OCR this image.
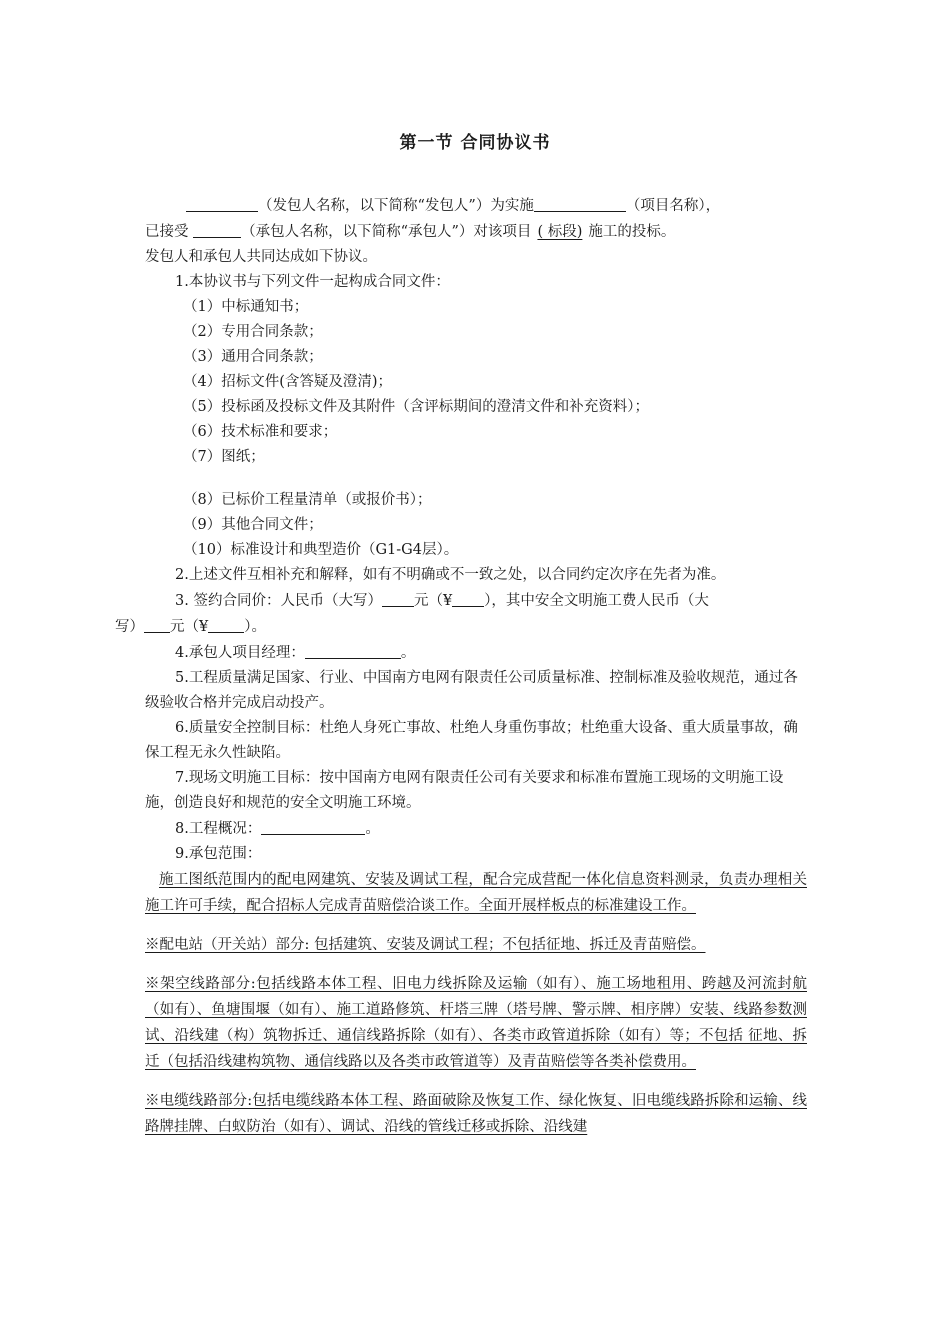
第一节 合同协议书

（发包人名称，以下简称“发包人”）为实施	（项目名称），

已接受	（承包人名称，以下简称“承包人”）对该项目 ( 标段) 施工的投标。

发包人和承包人共同达成如下协议。

1.本协议书与下列文件一起构成合同文件：

（1）中标通知书；

（2）专用合同条款；

（3）通用合同条款；

（4）招标文件(含答疑及澄清)；

（5）投标函及投标文件及其附件（含评标期间的澄清文件和补充资料）；

（6）技术标准和要求；

（7）图纸；

（8）已标价工程量清单（或报价书）；

（9）其他合同文件；

（10）标准设计和典型造价（G1-G4层）。

2.上述文件互相补充和解释，如有不明确或不一致之处，以合同约定次序在先者为准。

3. 签约合同价：人民币（大写） 元（¥ ），其中安全文明施工费人民币（大
写） 元（¥ ）。

4.承包人项目经理：	。

5.工程质量满足国家、行业、中国南方电网有限责任公司质量标准、控制标准及验收规范，通过各级验收合格并完成启动投产。

6.质量安全控制目标：杜绝人身死亡事故、杜绝人身重伤事故；杜绝重大设备、重大质量事故，确保工程无永久性缺陷。

7.现场文明施工目标：按中国南方电网有限责任公司有关要求和标准布置施工现场的文明施工设施，创造良好和规范的安全文明施工环境。

8.工程概况：	。

9.承包范围：

施工图纸范围内的配电网建筑、安装及调试工程，配合完成营配一体化信息资料测录，负责办理相关施工许可手续，配合招标人完成青苗赔偿洽谈工作。全面开展样板点的标准建设工作。

※配电站（开关站）部分: 包括建筑、安装及调试工程；不包括征地、拆迁及青苗赔偿。

※架空线路部分:包括线路本体工程、旧电力线拆除及运输（如有）、施工场地租用、跨越及河流封航（如有）、鱼塘围堰（如有）、施工道路修筑、杆塔三牌（塔号牌、警示牌、相序牌）安装、线路参数测试、沿线建（构）筑物拆迁、通信线路拆除（如有）、各类市政管道拆除（如有）等；不包括 征地、拆迁（包括沿线建构筑物、通信线路以及各类市政管道等）及青苗赔偿等各类补偿费用。

※电缆线路部分:包括电缆线路本体工程、路面破除及恢复工作、绿化恢复、旧电缆线路拆除和运输、线路牌挂牌、白蚁防治（如有）、调试、沿线的管线迁移或拆除、沿线建
